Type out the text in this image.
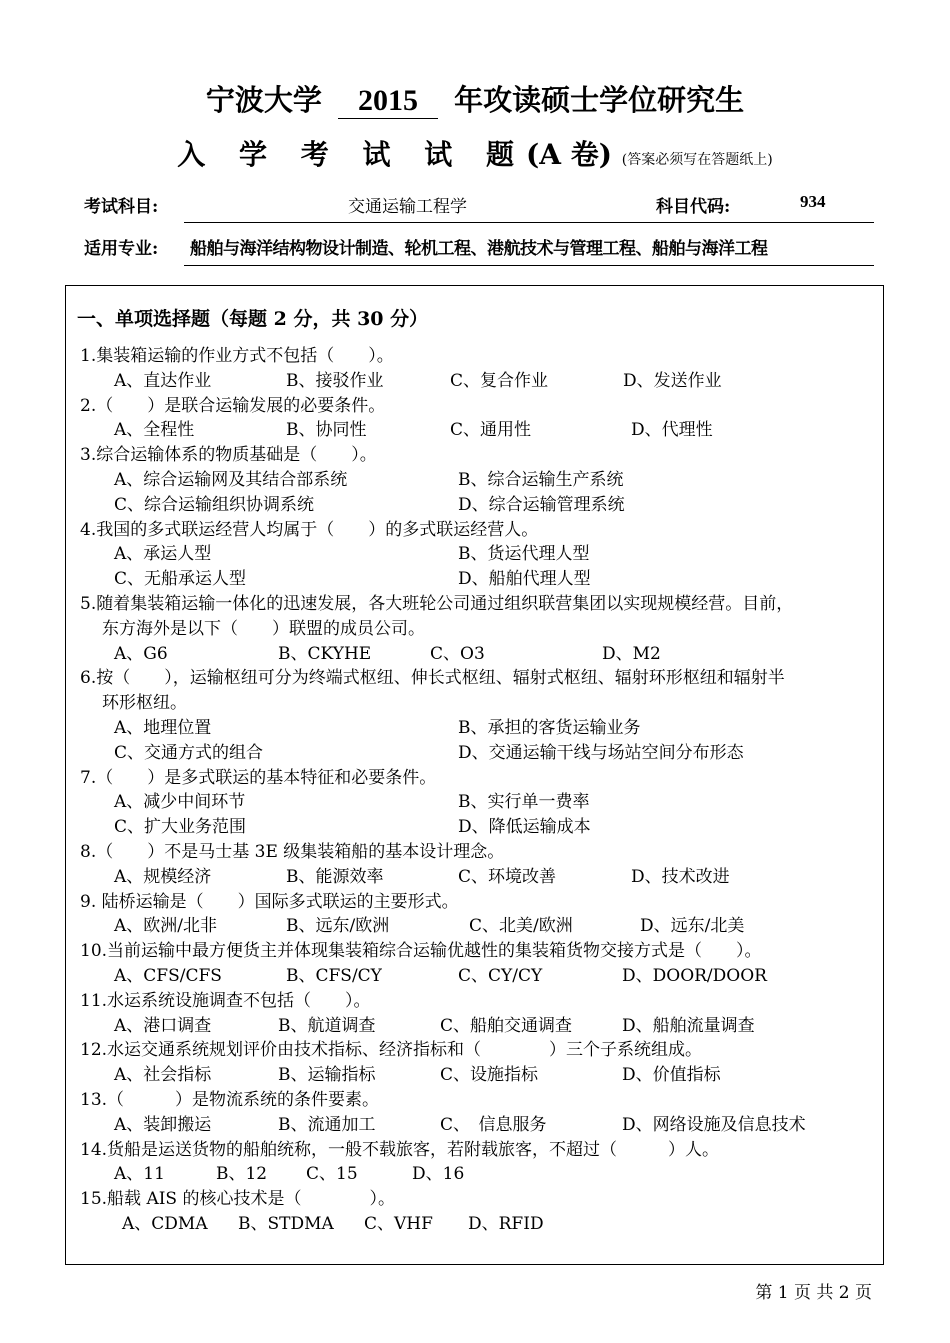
宁波大学 2015 年攻读硕士学位研究生
入 学 考 试 试 题(A 卷) (答案必须写在答题纸上)
考试科目:	交通运输工程学	科目代码:	934
适用专业: 船舶与海洋结构物设计制造、轮机工程、港航技术与管理工程、船舶与海洋工程
一、单项选择题（每题 2 分，共 30 分）
1.集装箱运输的作业方式不包括（　　）。
A、直达作业	B、接驳作业	C、复合作业	D、发送作业
2.（　　）是联合运输发展的必要条件。
A、全程性	B、协同性	C、通用性	D、代理性
3.综合运输体系的物质基础是（　　）。
A、综合运输网及其结合部系统	B、综合运输生产系统
C、综合运输组织协调系统	D、综合运输管理系统
4.我国的多式联运经营人均属于（　　）的多式联运经营人。
A、承运人型	B、货运代理人型
C、无船承运人型	D、船舶代理人型
5.随着集装箱运输一体化的迅速发展，各大班轮公司通过组织联营集团以实现规模经营。目前，
东方海外是以下（　　）联盟的成员公司。
A、G6	B、CKYHE	C、O3	D、M2
6.按（　　），运输枢纽可分为终端式枢纽、伸长式枢纽、辐射式枢纽、辐射环形枢纽和辐射半
环形枢纽。
A、地理位置	B、承担的客货运输业务
C、交通方式的组合	D、交通运输干线与场站空间分布形态
7.（　　）是多式联运的基本特征和必要条件。
A、减少中间环节	B、实行单一费率
C、扩大业务范围	D、降低运输成本
8.（　　）不是马士基 3E 级集装箱船的基本设计理念。
A、规模经济	B、能源效率	C、环境改善	D、技术改进
9. 陆桥运输是（　　）国际多式联运的主要形式。
A、欧洲/北非	B、远东/欧洲	C、北美/欧洲	D、远东/北美
10.当前运输中最方便货主并体现集装箱综合运输优越性的集装箱货物交接方式是（　　）。
A、CFS/CFS	B、CFS/CY	C、CY/CY	D、DOOR/DOOR
11.水运系统设施调查不包括（　　）。
A、港口调查	B、航道调查	C、船舶交通调查	D、船舶流量调查
12.水运交通系统规划评价由技术指标、经济指标和（　　　　）三个子系统组成。
A、社会指标	B、运输指标	C、设施指标	D、价值指标
13.（　　　）是物流系统的条件要素。
A、装卸搬运	B、流通加工	C、　信息服务	D、网络设施及信息技术
14.货船是运送货物的船舶统称，一般不载旅客，若附载旅客，不超过（　　　）人。
A、11	B、12 C、15	D、16
15.船载 AIS 的核心技术是（　　　　）。
A、CDMA B、STDMA C、VHF D、RFID
第 1 页 共 2 页
